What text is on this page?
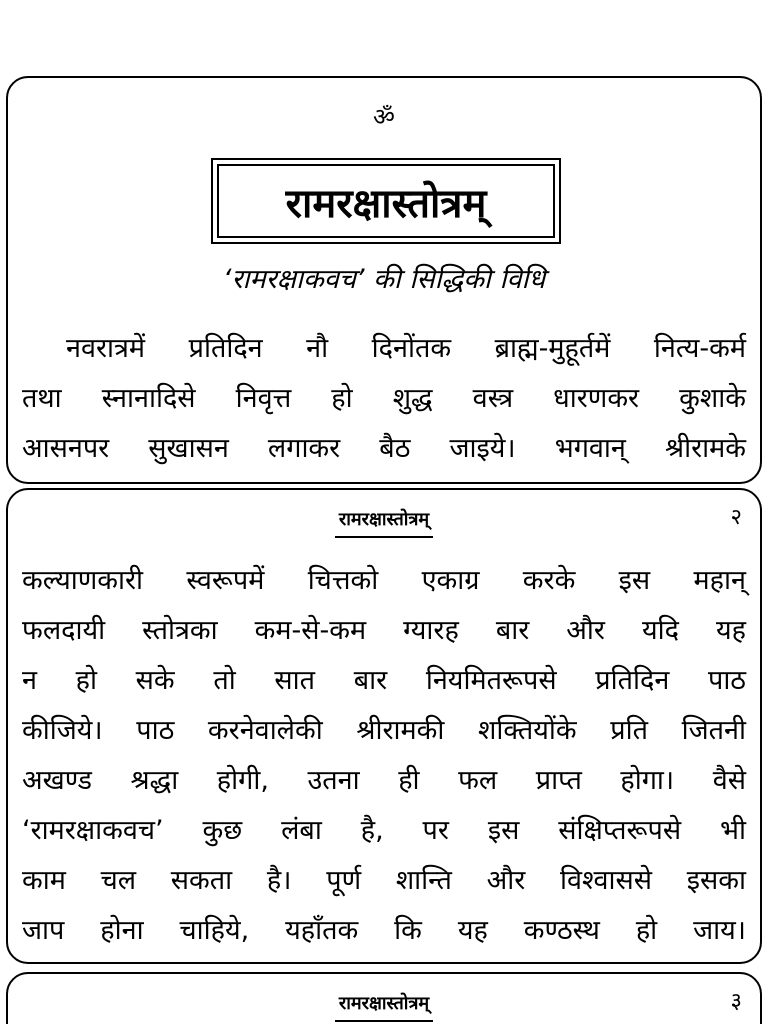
ॐ
रामरक्षास्तोत्रम्
‘रामरक्षाकवच’ की सिद्धिकी विधि
नवरात्रमें प्रतिदिन नौ दिनोंतक ब्राह्म-मुहूर्तमें नित्य-कर्म
तथा स्नानादिसे निवृत्त हो शुद्ध वस्त्र धारणकर कुशाके
आसनपर सुखासन लगाकर बैठ जाइये। भगवान् श्रीरामके
रामरक्षास्तोत्रम्	२
कल्याणकारी स्वरूपमें चित्तको एकाग्र करके इस महान्
फलदायी स्तोत्रका कम-से-कम ग्यारह बार और यदि यह
न हो सके तो सात बार नियमितरूपसे प्रतिदिन पाठ
कीजिये। पाठ करनेवालेकी श्रीरामकी शक्तियोंके प्रति जितनी
अखण्ड श्रद्धा होगी, उतना ही फल प्राप्त होगा। वैसे
‘रामरक्षाकवच’ कुछ लंबा है, पर इस संक्षिप्तरूपसे भी
काम चल सकता है। पूर्ण शान्ति और विश्वाससे इसका
जाप होना चाहिये, यहाँतक कि यह कण्ठस्थ हो जाय।
रामरक्षास्तोत्रम्	३
